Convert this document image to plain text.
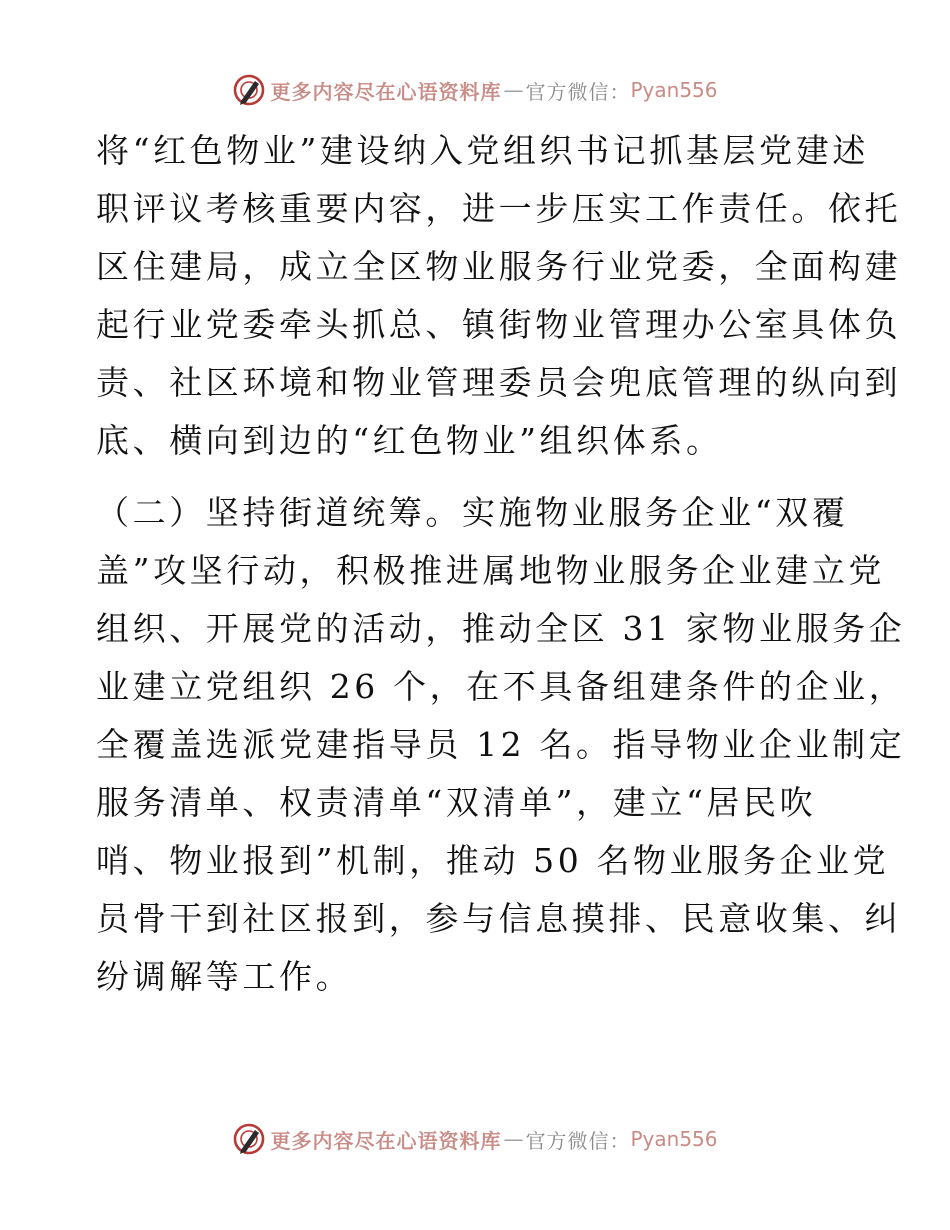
更多内容尽在心语资料库 — 官方微信： Pyan556
将“红色物业”建设纳入党组织书记抓基层党建述
职评议考核重要内容，进一步压实工作责任。依托
区住建局，成立全区物业服务行业党委，全面构建
起行业党委牵头抓总、镇街物业管理办公室具体负
责、社区环境和物业管理委员会兜底管理的纵向到
底、横向到边的“红色物业”组织体系。
（二）坚持街道统筹。实施物业服务企业“双覆
盖”攻坚行动，积极推进属地物业服务企业建立党
组织、开展党的活动，推动全区 31 家物业服务企
业建立党组织 26 个，在不具备组建条件的企业，
全覆盖选派党建指导员 12 名。指导物业企业制定
服务清单、权责清单“双清单”，建立“居民吹
哨、物业报到”机制，推动 50 名物业服务企业党
员骨干到社区报到，参与信息摸排、民意收集、纠
纷调解等工作。
更多内容尽在心语资料库 — 官方微信： Pyan556
